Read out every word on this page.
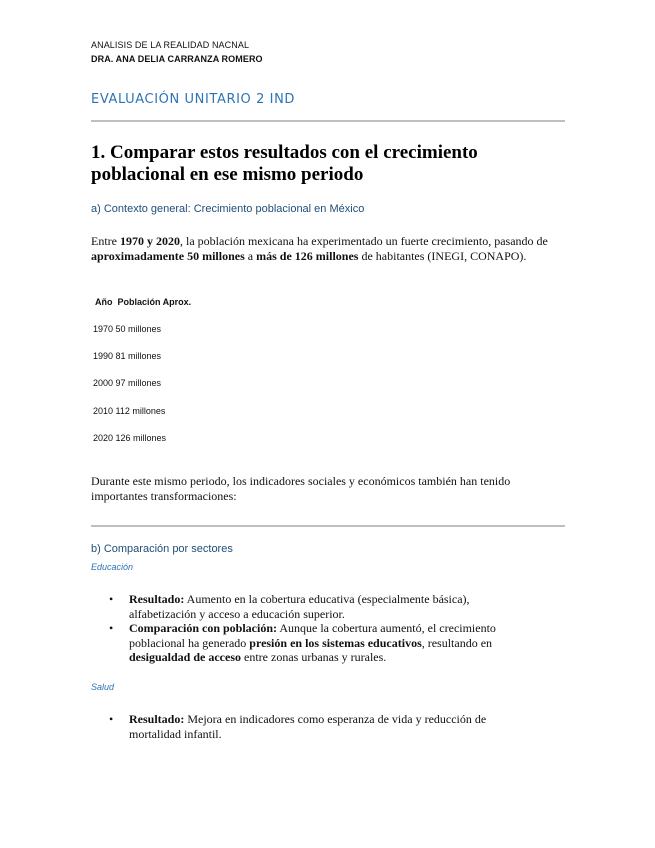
ANALISIS DE LA REALIDAD NACNAL
DRA. ANA DELIA CARRANZA ROMERO
EVALUACIÓN UNITARIO 2 IND
1. Comparar estos resultados con el crecimiento poblacional en ese mismo periodo
a) Contexto general: Crecimiento poblacional en México

Entre 1970 y 2020, la población mexicana ha experimentado un fuerte crecimiento, pasando de aproximadamente 50 millones a más de 126 millones de habitantes (INEGI, CONAPO).

Año  Población Aprox.
1970 50 millones
1990 81 millones
2000 97 millones
2010 112 millones
2020 126 millones

Durante este mismo periodo, los indicadores sociales y económicos también han tenido importantes transformaciones:

b) Comparación por sectores
Educación
• Resultado: Aumento en la cobertura educativa (especialmente básica), alfabetización y acceso a educación superior.
• Comparación con población: Aunque la cobertura aumentó, el crecimiento poblacional ha generado presión en los sistemas educativos, resultando en desigualdad de acceso entre zonas urbanas y rurales.
Salud
• Resultado: Mejora en indicadores como esperanza de vida y reducción de mortalidad infantil.
